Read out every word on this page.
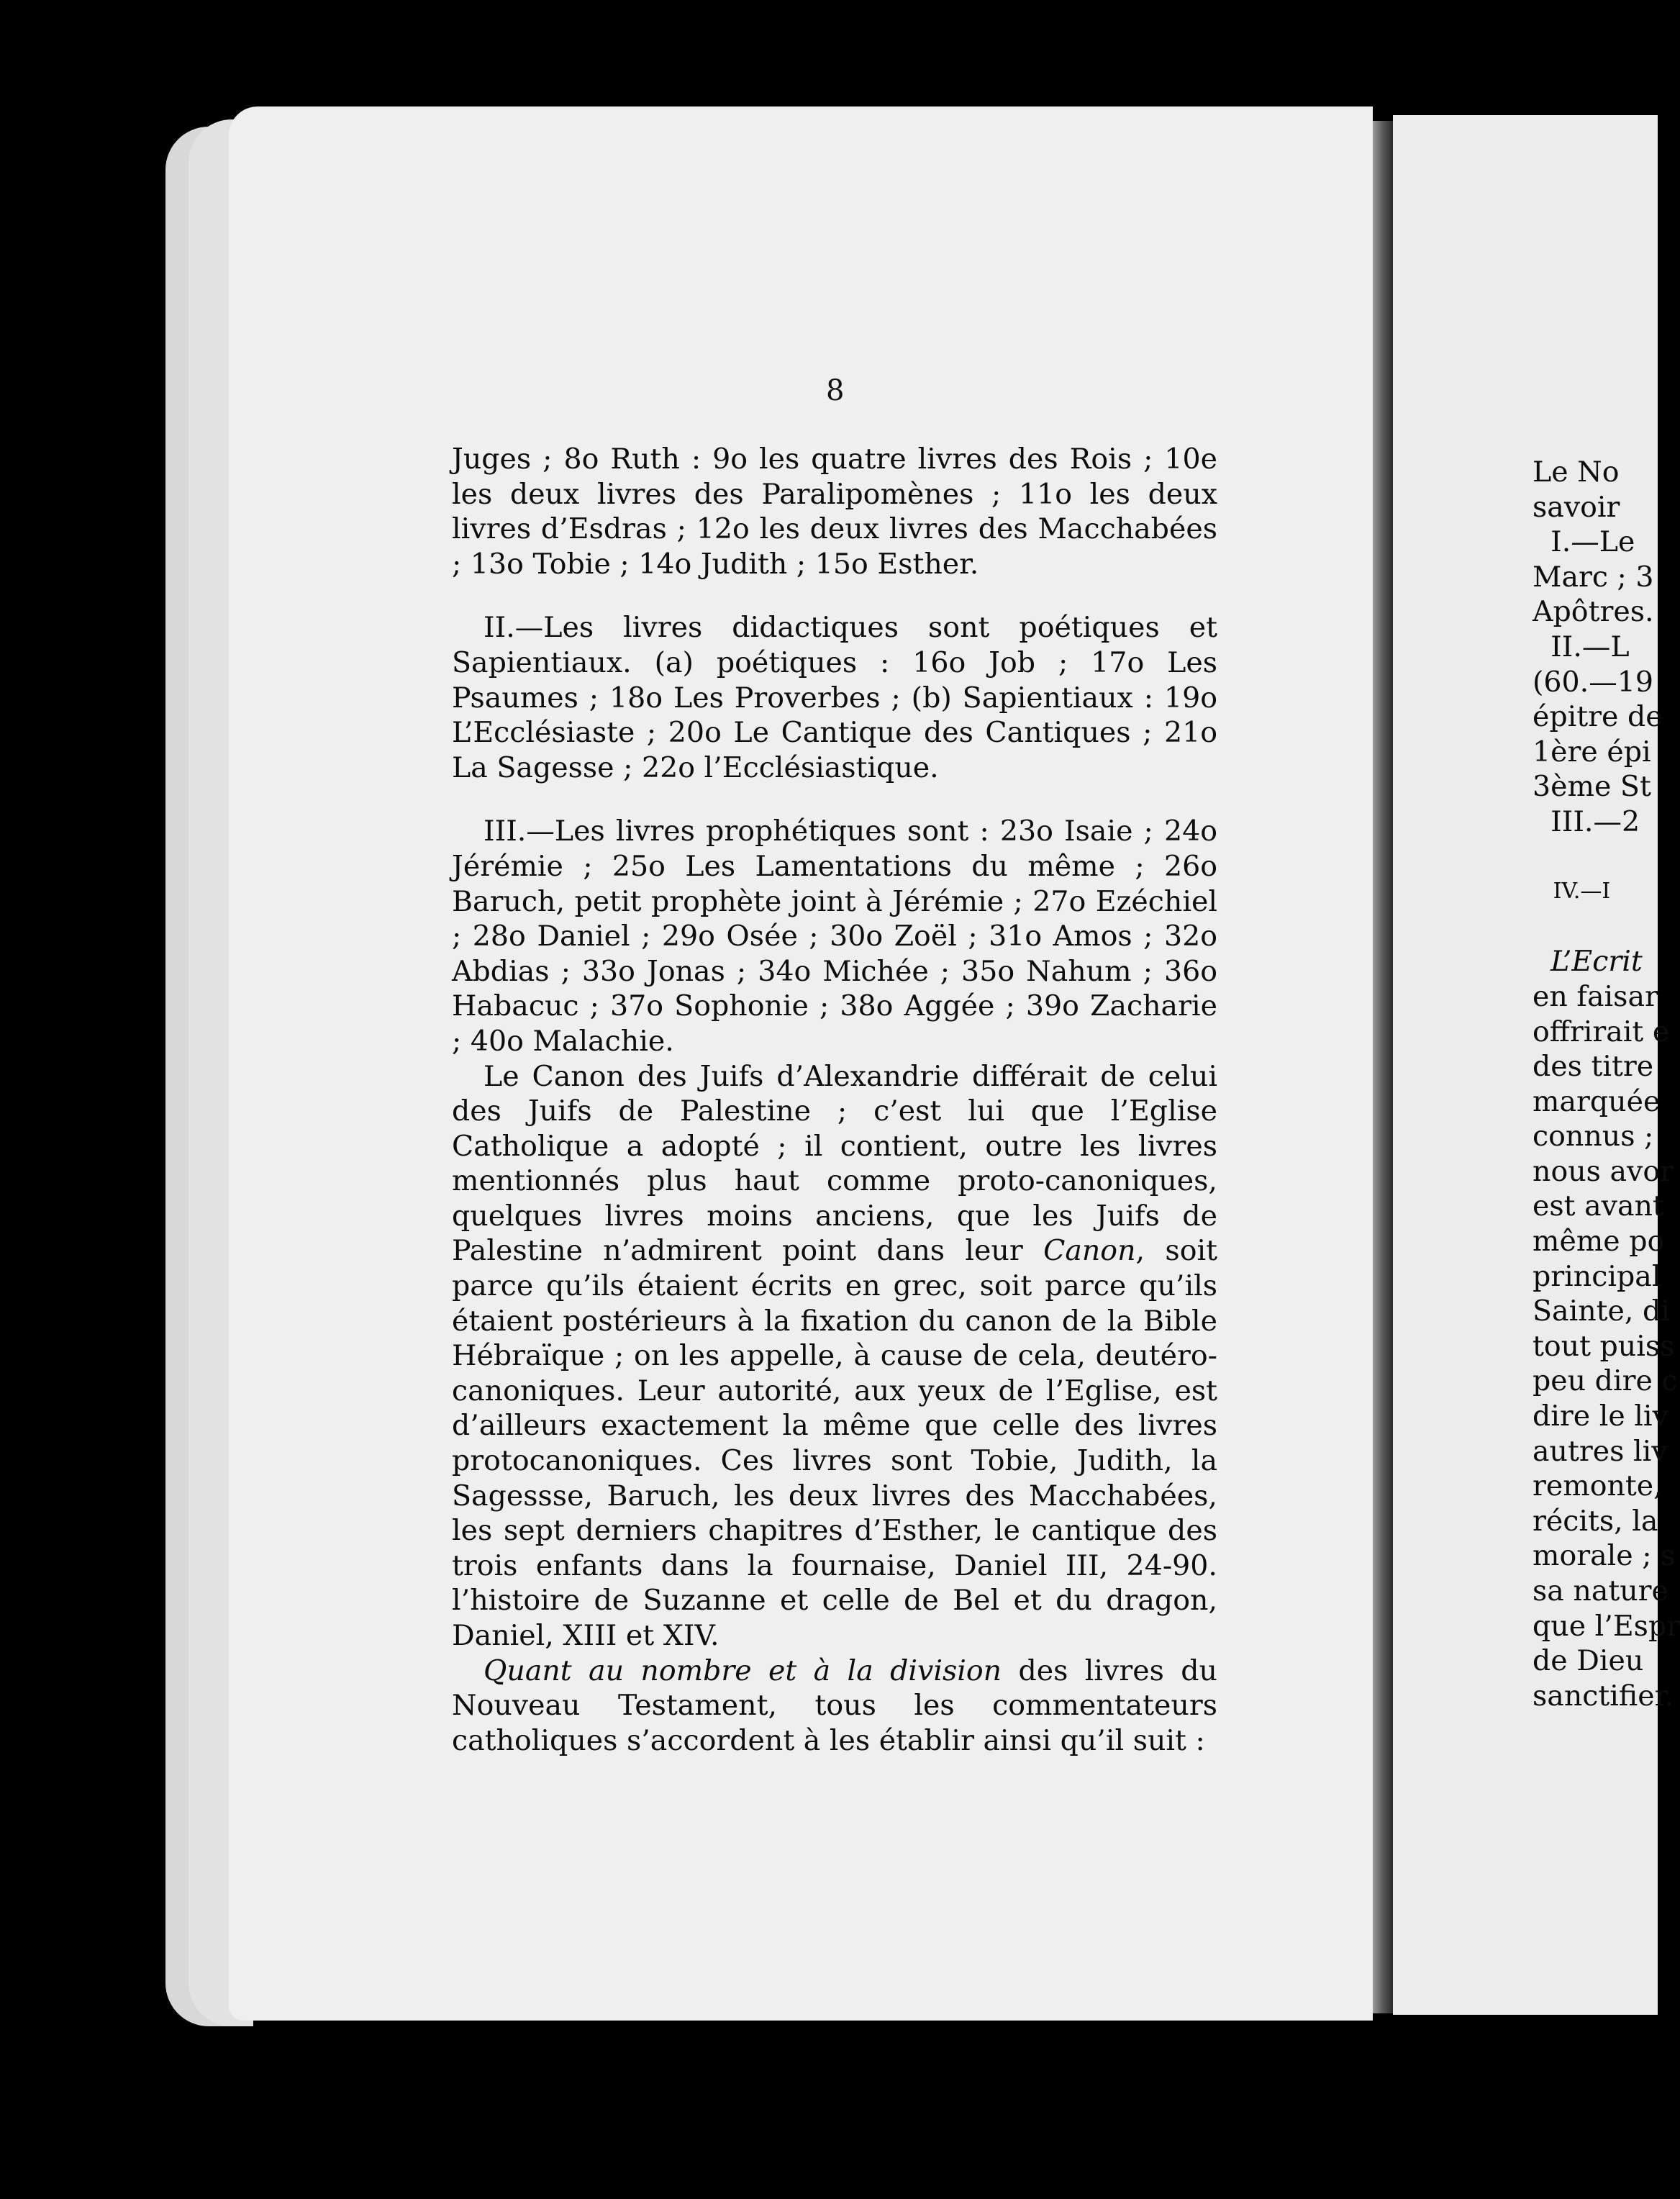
8

Juges ; 8o Ruth : 9o les quatre livres des Rois ; 10e les deux livres des Paralipomènes ; 11o les deux livres d’Esdras ; 12o les deux livres des Macchabées ; 13o Tobie ; 14o Judith ; 15o Esther.

II.—Les livres didactiques sont poétiques et Sapientiaux. (a) poétiques : 16o Job ; 17o Les Psaumes ; 18o Les Proverbes ; (b) Sapientiaux : 19o L’Ecclésiaste ; 20o Le Cantique des Cantiques ; 21o La Sagesse ; 22o l’Ecclésiastique.

III.—Les livres prophétiques sont : 23o Isaie ; 24o Jérémie ; 25o Les Lamentations du même ; 26o Baruch, petit prophète joint à Jérémie ; 27o Ezéchiel ; 28o Daniel ; 29o Osée ; 30o Zoël ; 31o Amos ; 32o Abdias ; 33o Jonas ; 34o Michée ; 35o Nahum ; 36o Habacuc ; 37o Sophonie ; 38o Aggée ; 39o Zacharie ; 40o Malachie.

Le Canon des Juifs d’Alexandrie différait de celui des Juifs de Palestine ; c’est lui que l’Eglise Catholique a adopté ; il contient, outre les livres mentionnés plus haut comme proto-canoniques, quelques livres moins anciens, que les Juifs de Palestine n’admirent point dans leur Canon, soit parce qu’ils étaient écrits en grec, soit parce qu’ils étaient postérieurs à la fixation du canon de la Bible Hébraïque ; on les appelle, à cause de cela, deutéro-canoniques. Leur autorité, aux yeux de l’Eglise, est d’ailleurs exactement la même que celle des livres protocanoniques. Ces livres sont Tobie, Judith, la Sagessse, Baruch, les deux livres des Macchabées, les sept derniers chapitres d’Esther, le cantique des trois enfants dans la fournaise, Daniel III, 24-90. l’histoire de Suzanne et celle de Bel et du dragon, Daniel, XIII et XIV.

Quant au nombre et à la division des livres du Nouveau Testament, tous les commentateurs catholiques s’accordent à les établir ainsi qu’il suit :

Le No
savoir
I.—Le
Marc ; 3
Apôtres.
II.—L
(60.—19
épitre de
1ère épi
3ème St
III.—2

IV.—I

L’Ecrit
en faisar
offrirait e
des titre
marquée
connus ;
nous avor
est avant
même po
principal
Sainte, di
tout puiss
peu dire c
dire le liv
autres liv
remonte,
récits, la
morale ; s
sa nature
que l’Espr
de Dieu
sanctifier.
